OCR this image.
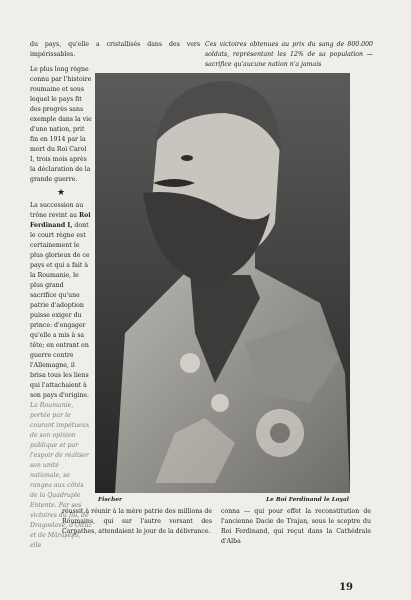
du pays, qu'elle a cristallisés dans des vers impérissables.
Ces victoires obtenues au prix du sang de 800.000 soldats, représentant les 12% de sa population — sacrifice qu'aucune nation n'a jamais

Le plus long règne connu par l'histoire roumaine et sous lequel le pays fit des progrès sans exemple dans la vie d'une nation, prit fin en 1914 par la mort du Roi Carol I, trois mois après la déclaration de la grande guerre.

★

La succession au trône revint au Roi Ferdinand I, dont le court règne est certainement le plus glorieux de ce pays et qui a fait à la Roumanie, le plus grand sacrifice qu'une patrie d'adoption puisse exiger du prince: d'engager qu'elle a mis à sa tête; en entrant en guerre contre l'Allemagne, il brisa tous les liens qui l'attachaient à son pays d'origine.

La Roumanie, portée par le courant impétueux de son opinion publique et par l'espoir de réaliser son unité nationale, se rangea aux côtés de la Quadruple Entente. Par ses victoires du Jiu, de Dragoslave, d'Oituz et de Mărăşeşti, elle

Fischer	Le Roi Ferdinand le Loyal
réussit à réunir à la mère patrie des millions de Roumains, qui sur l'autre versant des Carpathes, attendaient le jour de la délivrance.
conna — qui pour effet la reconstitution de l'ancienne Dacie de Trajan, sous le sceptre du Roi Ferdinand, qui reçut dans la Cathédrale d'Alba
19
